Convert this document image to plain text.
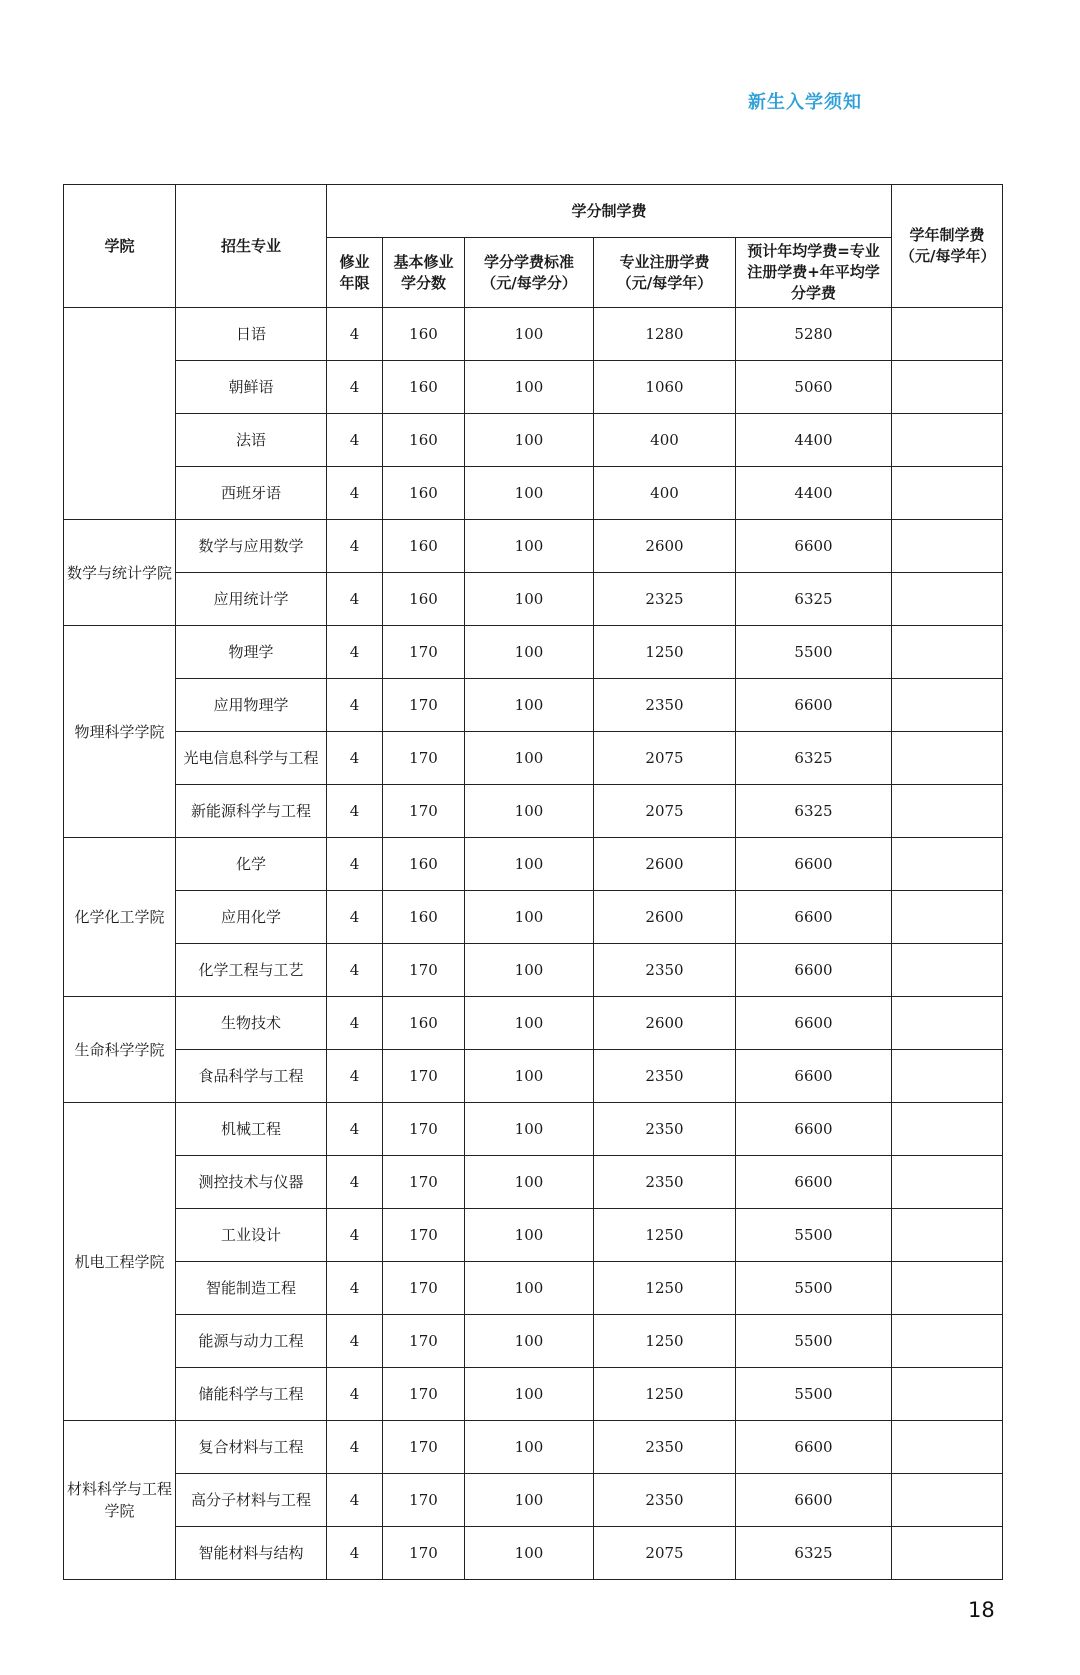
新生入学须知
学院	招生专业	学分制学费					学年制学费（元/每学年）
		修业年限	基本修业学分数	学分学费标准（元/每学分）	专业注册学费（元/每学年）	预计年均学费=专业注册学费+年平均学分学费	
	日语	4	160	100	1280	5280	
	朝鲜语	4	160	100	1060	5060	
	法语	4	160	100	400	4400	
	西班牙语	4	160	100	400	4400	
数学与统计学院	数学与应用数学	4	160	100	2600	6600	
	应用统计学	4	160	100	2325	6325	
物理科学学院	物理学	4	170	100	1250	5500	
	应用物理学	4	170	100	2350	6600	
	光电信息科学与工程	4	170	100	2075	6325	
	新能源科学与工程	4	170	100	2075	6325	
化学化工学院	化学	4	160	100	2600	6600	
	应用化学	4	160	100	2600	6600	
	化学工程与工艺	4	170	100	2350	6600	
生命科学学院	生物技术	4	160	100	2600	6600	
	食品科学与工程	4	170	100	2350	6600	
机电工程学院	机械工程	4	170	100	2350	6600	
	测控技术与仪器	4	170	100	2350	6600	
	工业设计	4	170	100	1250	5500	
	智能制造工程	4	170	100	1250	5500	
	能源与动力工程	4	170	100	1250	5500	
	储能科学与工程	4	170	100	1250	5500	
材料科学与工程学院	复合材料与工程	4	170	100	2350	6600	
	高分子材料与工程	4	170	100	2350	6600	
	智能材料与结构	4	170	100	2075	6325	
18
